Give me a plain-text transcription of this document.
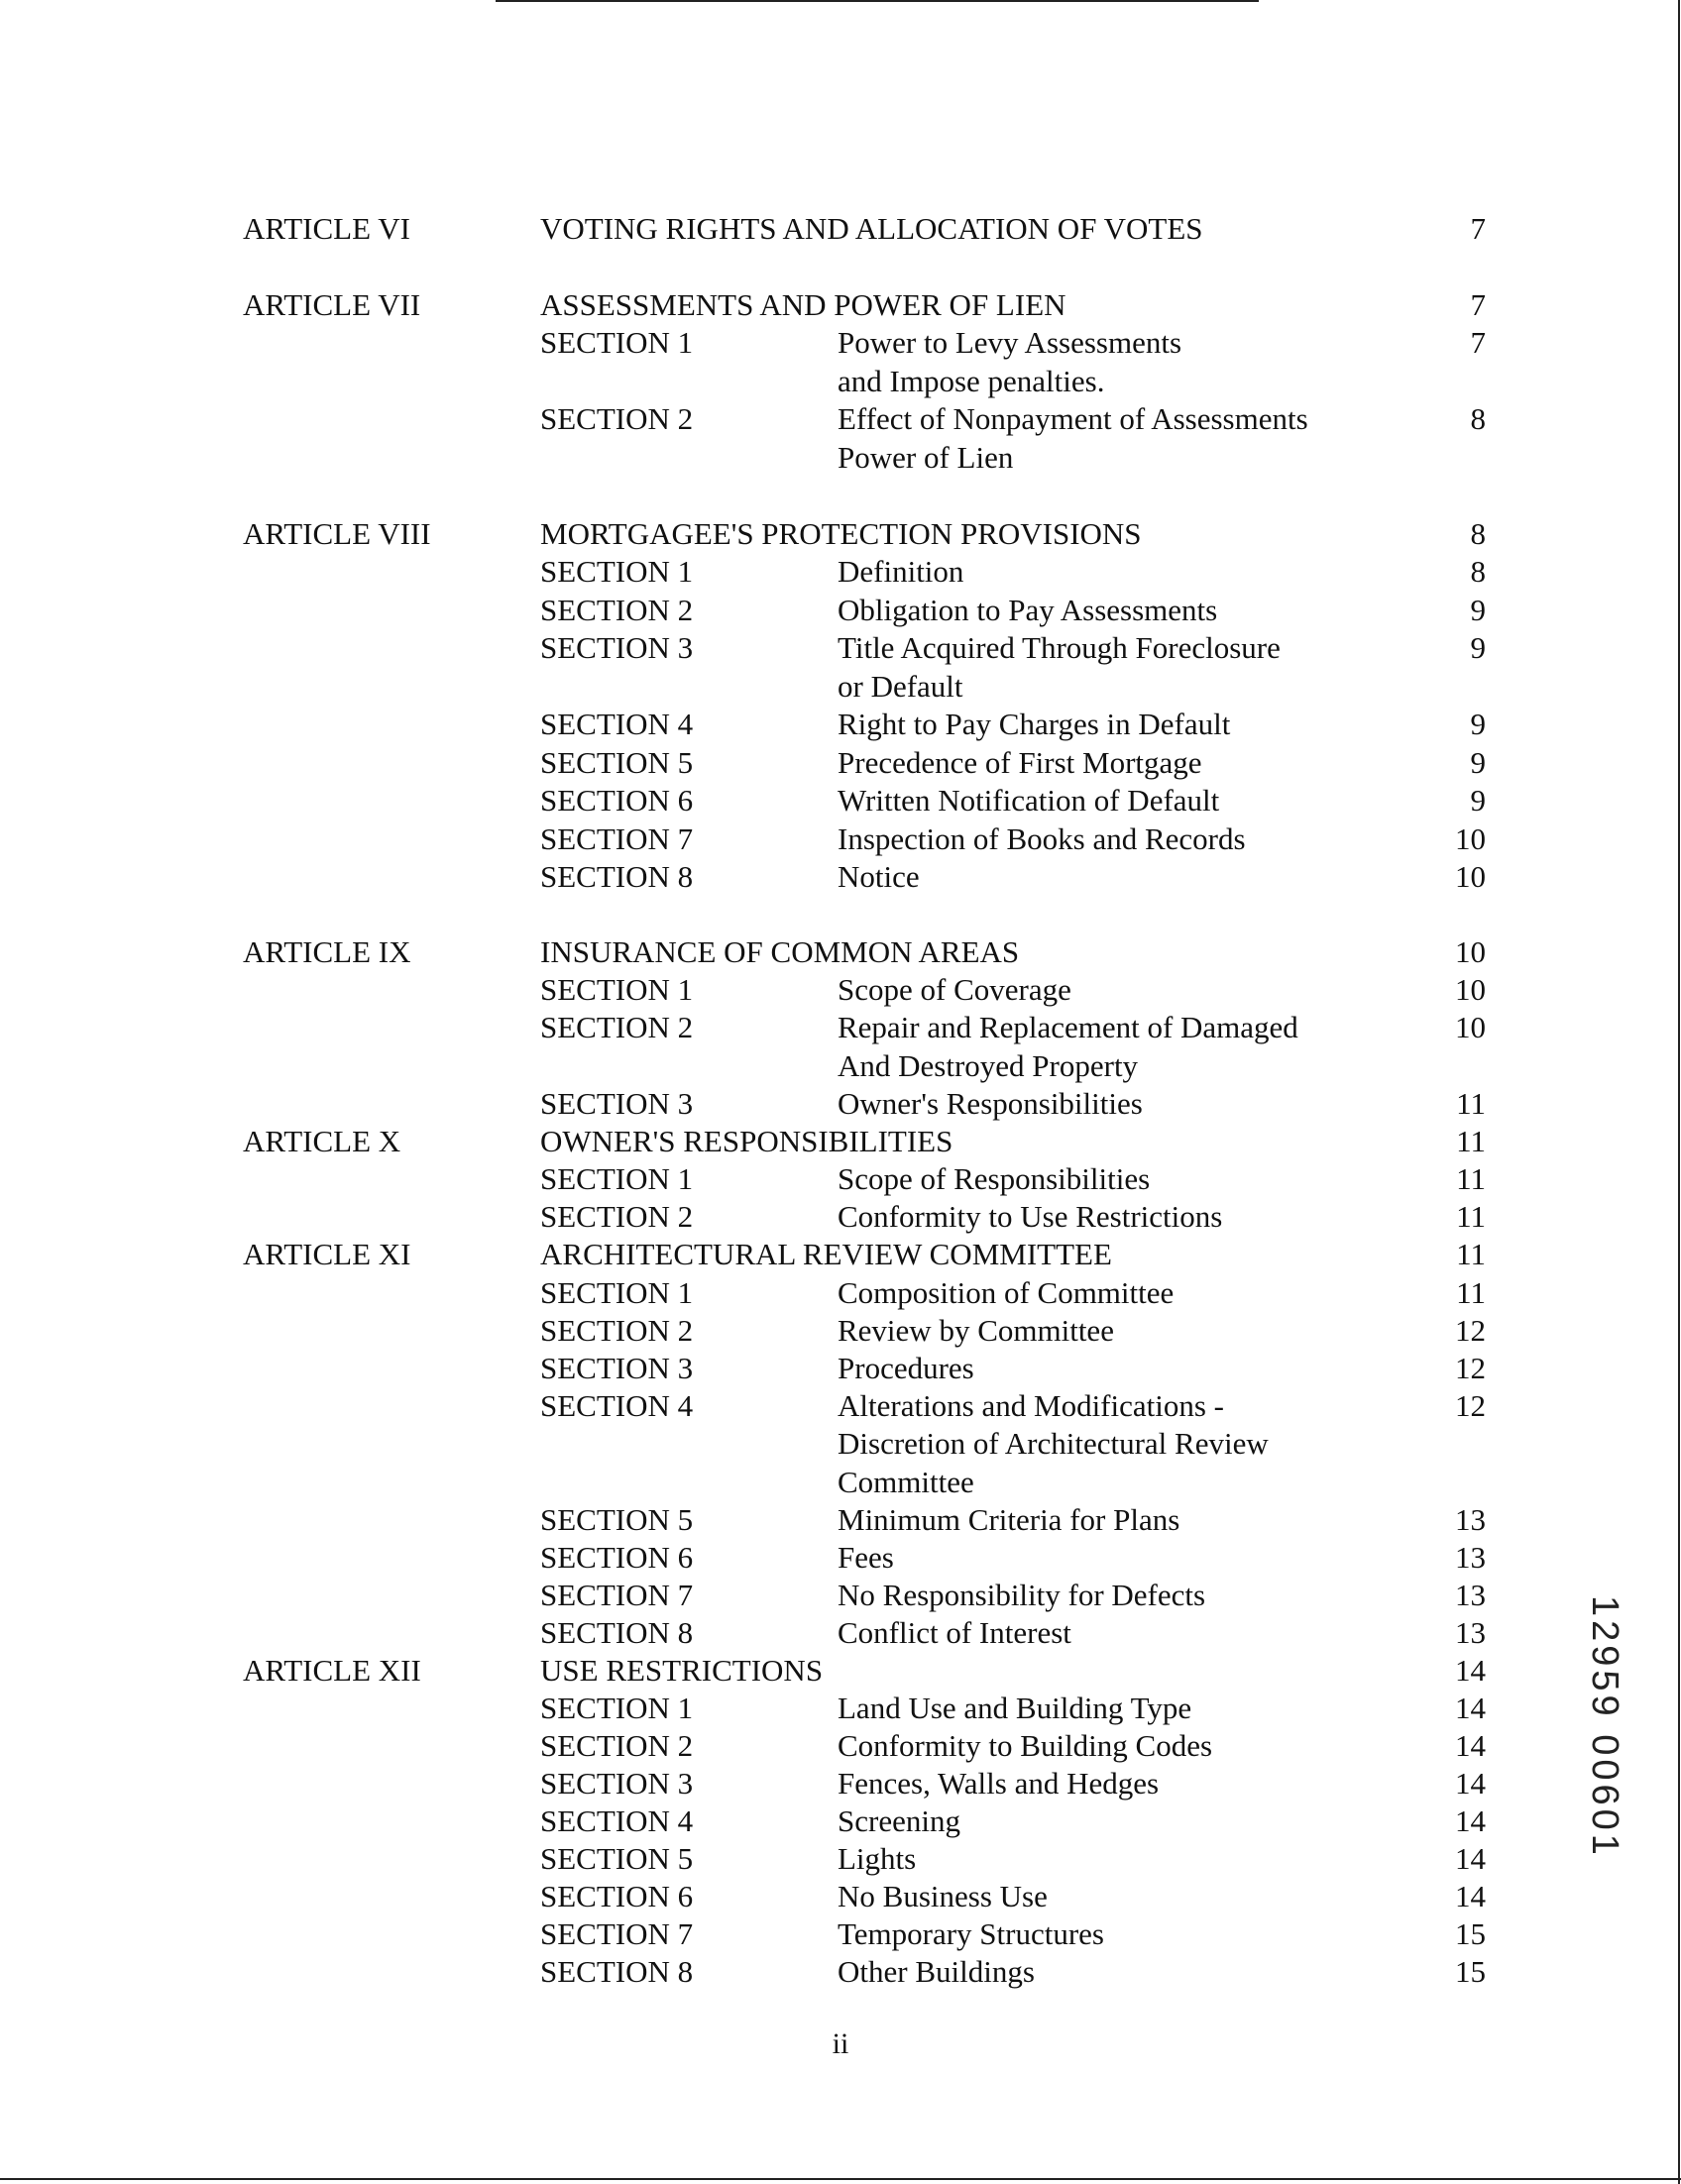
ARTICLE VI	VOTING RIGHTS AND ALLOCATION OF VOTES	7
ARTICLE VII	ASSESSMENTS AND POWER OF LIEN	7
SECTION 1	Power to Levy Assessments	7
and Impose penalties.
SECTION 2	Effect of Nonpayment of Assessments	8
Power of Lien
ARTICLE VIII	MORTGAGEE'S PROTECTION PROVISIONS	8
SECTION 1	Definition	8
SECTION 2	Obligation to Pay Assessments	9
SECTION 3	Title Acquired Through Foreclosure	9
or Default
SECTION 4	Right to Pay Charges in Default	9
SECTION 5	Precedence of First Mortgage	9
SECTION 6	Written Notification of Default	9
SECTION 7	Inspection of Books and Records	10
SECTION 8	Notice	10
ARTICLE IX	INSURANCE OF COMMON AREAS	10
SECTION 1	Scope of Coverage	10
SECTION 2	Repair and Replacement of Damaged	10
And Destroyed Property
SECTION 3	Owner's Responsibilities	11
ARTICLE X	OWNER'S RESPONSIBILITIES	11
SECTION 1	Scope of Responsibilities	11
SECTION 2	Conformity to Use Restrictions	11
ARTICLE XI	ARCHITECTURAL REVIEW COMMITTEE	11
SECTION 1	Composition of Committee	11
SECTION 2	Review by Committee	12
SECTION 3	Procedures	12
SECTION 4	Alterations and Modifications -	12
Discretion of Architectural Review
Committee
SECTION 5	Minimum Criteria for Plans	13
SECTION 6	Fees	13
SECTION 7	No Responsibility for Defects	13
SECTION 8	Conflict of Interest	13
ARTICLE XII	USE RESTRICTIONS	14
SECTION 1	Land Use and Building Type	14
SECTION 2	Conformity to Building Codes	14
SECTION 3	Fences, Walls and Hedges	14
SECTION 4	Screening	14
SECTION 5	Lights	14
SECTION 6	No Business Use	14
SECTION 7	Temporary Structures	15
SECTION 8	Other Buildings	15
ii
12959 00601
